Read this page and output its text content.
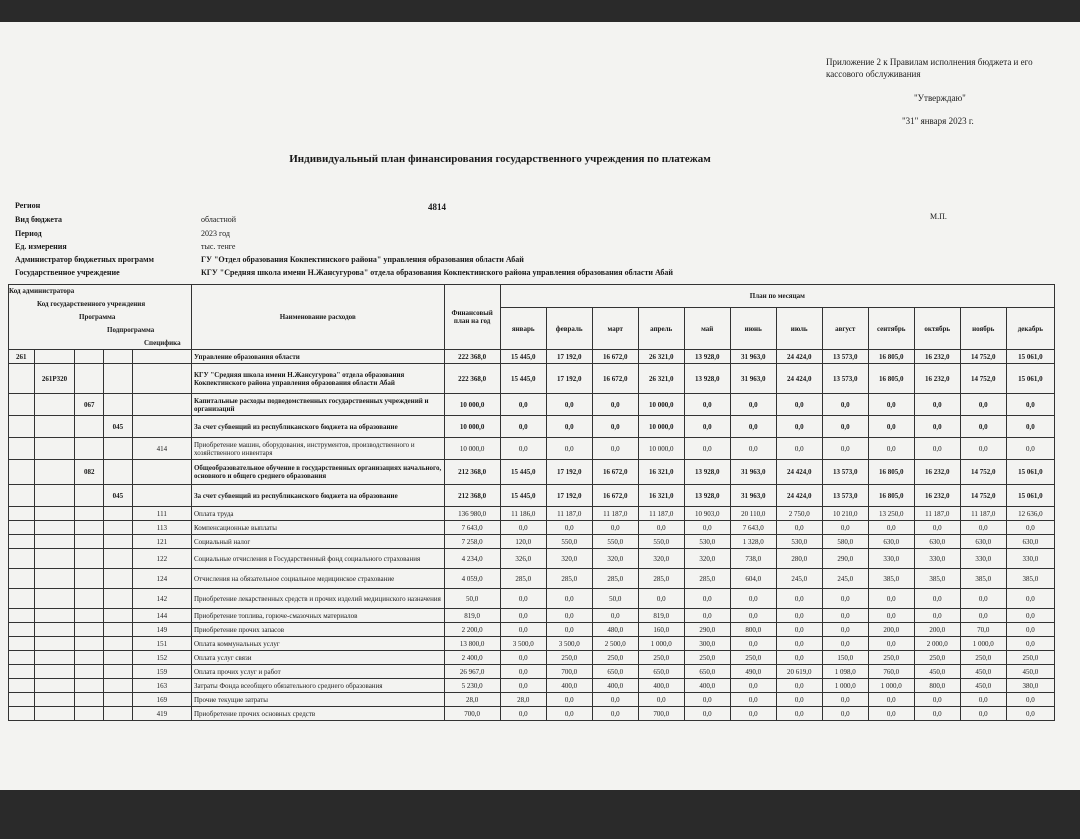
Приложение 2 к Правилам исполнения бюджета и его кассового обслуживания
"Утверждаю"
"31" января 2023 г.
Индивидуальный план финансирования государственного учреждения по платежам
4814
М.П.
Регион
Вид бюджета	областной
Период	2023 год
Ед. измерения	тыс. тенге
Администратор бюджетных программ	ГУ "Отдел образования Кокпектинского района" управления образования области Абай
Государственное учреждение	КГУ "Средняя школа имени Н.Жансугурова" отдела образования Кокпектинского района управления образования области Абай
Код администратора
Код государственного учреждения
Программа
Подпрограмма
Специфика					Наименование расходов	Финансовый план на год	План по месяцам											
							январь	февраль	март	апрель	май	июнь	июль	август	сентябрь	октябрь	ноябрь	декабрь
261					Управление образования области	222 368,0	15 445,0	17 192,0	16 672,0	26 321,0	13 928,0	31 963,0	24 424,0	13 573,0	16 805,0	16 232,0	14 752,0	15 061,0
	261P320				КГУ "Средняя школа имени Н.Жансугурова" отдела образования Кокпектинского района управления образования области Абай	222 368,0	15 445,0	17 192,0	16 672,0	26 321,0	13 928,0	31 963,0	24 424,0	13 573,0	16 805,0	16 232,0	14 752,0	15 061,0
		067			Капитальные расходы подведомственных государственных учреждений и организаций	10 000,0	0,0	0,0	0,0	10 000,0	0,0	0,0	0,0	0,0	0,0	0,0	0,0	0,0
			045		За счет субвенций из республиканского бюджета на образование	10 000,0	0,0	0,0	0,0	10 000,0	0,0	0,0	0,0	0,0	0,0	0,0	0,0	0,0
				414	Приобретение машин, оборудования, инструментов, производственного и хозяйственного инвентаря	10 000,0	0,0	0,0	0,0	10 000,0	0,0	0,0	0,0	0,0	0,0	0,0	0,0	0,0
		082			Общеобразовательное обучение в государственных организациях начального, основного и общего среднего образования	212 368,0	15 445,0	17 192,0	16 672,0	16 321,0	13 928,0	31 963,0	24 424,0	13 573,0	16 805,0	16 232,0	14 752,0	15 061,0
			045		За счет субвенций из республиканского бюджета на образование	212 368,0	15 445,0	17 192,0	16 672,0	16 321,0	13 928,0	31 963,0	24 424,0	13 573,0	16 805,0	16 232,0	14 752,0	15 061,0
				111	Оплата труда	136 980,0	11 186,0	11 187,0	11 187,0	11 187,0	10 903,0	20 110,0	2 750,0	10 210,0	13 250,0	11 187,0	11 187,0	12 636,0
				113	Компенсационные выплаты	7 643,0	0,0	0,0	0,0	0,0	0,0	7 643,0	0,0	0,0	0,0	0,0	0,0	0,0
				121	Социальный налог	7 258,0	120,0	550,0	550,0	550,0	530,0	1 328,0	530,0	580,0	630,0	630,0	630,0	630,0
				122	Социальные отчисления в Государственный фонд социального страхования	4 234,0	326,0	320,0	320,0	320,0	320,0	738,0	280,0	290,0	330,0	330,0	330,0	330,0
				124	Отчисления на обязательное социальное медицинское страхование	4 059,0	285,0	285,0	285,0	285,0	285,0	604,0	245,0	245,0	385,0	385,0	385,0	385,0
				142	Приобретение лекарственных средств и прочих изделий медицинского назначения	50,0	0,0	0,0	50,0	0,0	0,0	0,0	0,0	0,0	0,0	0,0	0,0	0,0
				144	Приобретение топлива, горюче-смазочных материалов	819,0	0,0	0,0	0,0	819,0	0,0	0,0	0,0	0,0	0,0	0,0	0,0	0,0
				149	Приобретение прочих запасов	2 200,0	0,0	0,0	480,0	160,0	290,0	800,0	0,0	0,0	200,0	200,0	70,0	0,0
				151	Оплата коммунальных услуг	13 800,0	3 500,0	3 500,0	2 500,0	1 000,0	300,0	0,0	0,0	0,0	0,0	2 000,0	1 000,0	0,0
				152	Оплата услуг связи	2 400,0	0,0	250,0	250,0	250,0	250,0	250,0	0,0	150,0	250,0	250,0	250,0	250,0
				159	Оплата прочих услуг и работ	26 967,0	0,0	700,0	650,0	650,0	650,0	490,0	20 619,0	1 098,0	760,0	450,0	450,0	450,0
				163	Затраты Фонда всеобщего обязательного среднего образования	5 230,0	0,0	400,0	400,0	400,0	400,0	0,0	0,0	1 000,0	1 000,0	800,0	450,0	380,0
				169	Прочие текущие затраты	28,0	28,0	0,0	0,0	0,0	0,0	0,0	0,0	0,0	0,0	0,0	0,0	0,0
				419	Приобретение прочих основных средств	700,0	0,0	0,0	0,0	700,0	0,0	0,0	0,0	0,0	0,0	0,0	0,0	0,0
